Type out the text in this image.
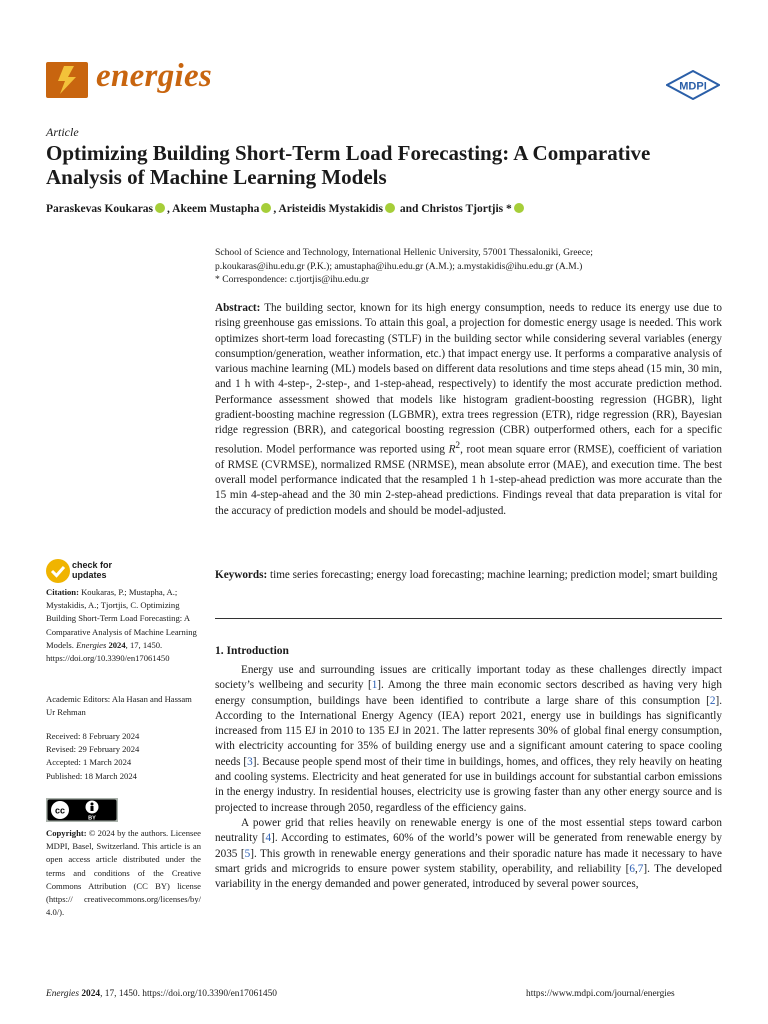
energies	MDPI
Article
Optimizing Building Short-Term Load Forecasting: A Comparative Analysis of Machine Learning Models
Paraskevas Koukaras , Akeem Mustapha , Aristeidis Mystakidis and Christos Tjortjis *
School of Science and Technology, International Hellenic University, 57001 Thessaloniki, Greece;
p.koukaras@ihu.edu.gr (P.K.); amustapha@ihu.edu.gr (A.M.); a.mystakidis@ihu.edu.gr (A.M.)
* Correspondence: c.tjortjis@ihu.edu.gr
Abstract: The building sector, known for its high energy consumption, needs to reduce its energy use due to rising greenhouse gas emissions. To attain this goal, a projection for domestic energy usage is needed. This work optimizes short-term load forecasting (STLF) in the building sector while considering several variables (energy consumption/generation, weather information, etc.) that impact energy use. It performs a comparative analysis of various machine learning (ML) models based on different data resolutions and time steps ahead (15 min, 30 min, and 1 h with 4-step-, 2-step-, and 1-step-ahead, respectively) to identify the most accurate prediction method. Performance assessment showed that models like histogram gradient-boosting regression (HGBR), light gradient-boosting machine regression (LGBMR), extra trees regression (ETR), ridge regression (RR), Bayesian ridge regression (BRR), and categorical boosting regression (CBR) outperformed others, each for a specific resolution. Model performance was reported using $R^2$, root mean square error (RMSE), coefficient of variation of RMSE (CVRMSE), normalized RMSE (NRMSE), mean absolute error (MAE), and execution time. The best overall model performance indicated that the resampled 1 h 1-step-ahead prediction was more accurate than the 15 min 4-step-ahead and the 30 min 2-step-ahead predictions. Findings reveal that data preparation is vital for the accuracy of prediction models and should be model-adjusted.
Keywords: time series forecasting; energy load forecasting; machine learning; prediction model; smart building
1. Introduction

Energy use and surrounding issues are critically important today as these challenges directly impact society’s wellbeing and security [1]. Among the three main economic sectors described as having very high energy consumption, buildings have been identified to contribute a large share of this consumption [2]. According to the International Energy Agency (IEA) report 2021, energy use in buildings has significantly increased from 115 EJ in 2010 to 135 EJ in 2021. The latter represents 30% of global final energy consumption, with electricity accounting for 35% of building energy use and a significant amount catering to space cooling needs [3]. Because people spend most of their time in buildings, homes, and offices, they rely heavily on heating and cooling systems. Electricity and heat generated for use in buildings account for substantial carbon emissions in the energy industry. In residential houses, electricity use is growing faster than any other energy source and is projected to increase through 2050, regardless of the efficiency gains.

A power grid that relies heavily on renewable energy is one of the most essential steps toward carbon neutrality [4]. According to estimates, 60% of the world’s power will be generated from renewable energy by 2035 [5]. This growth in renewable energy generations and their sporadic nature has made it necessary to have smart grids and microgrids to ensure power system stability, operability, and reliability [6,7]. The developed variability in the energy demanded and power generated, introduced by several power sources,

check for
updates
Citation: Koukaras, P.; Mustapha, A.; Mystakidis, A.; Tjortjis, C. Optimizing Building Short-Term Load Forecasting: A Comparative Analysis of Machine Learning Models. Energies 2024, 17, 1450. https://doi.org/10.3390/en17061450
Academic Editors: Ala Hasan and Hassam Ur Rehman
Received: 8 February 2024
Revised: 29 February 2024
Accepted: 1 March 2024
Published: 18 March 2024
cc
BY
Copyright: © 2024 by the authors. Licensee MDPI, Basel, Switzerland. This article is an open access article distributed under the terms and conditions of the Creative Commons Attribution (CC BY) license (https:// creativecommons.org/licenses/by/ 4.0/).
Energies 2024, 17, 1450. https://doi.org/10.3390/en17061450	https://www.mdpi.com/journal/energies
